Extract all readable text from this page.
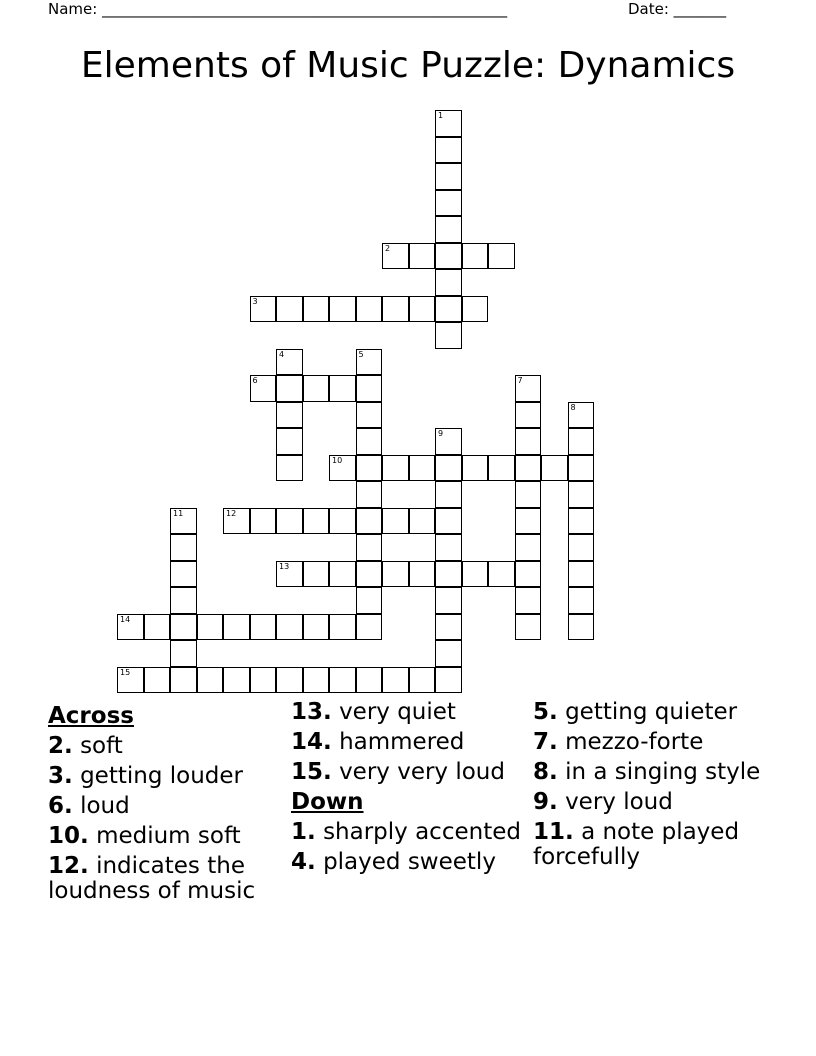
Name: ______________________________________________________	Date: _______
Elements of Music Puzzle: Dynamics
1
2
3
4	5
6	7
8
9
10
11	12
13
14
15
Across
2. soft
3. getting louder
6. loud
10. medium soft
12. indicates the loudness of music
13. very quiet
14. hammered
15. very very loud
Down
1. sharply accented
4. played sweetly
5. getting quieter
7. mezzo-forte
8. in a singing style
9. very loud
11. a note played forcefully
